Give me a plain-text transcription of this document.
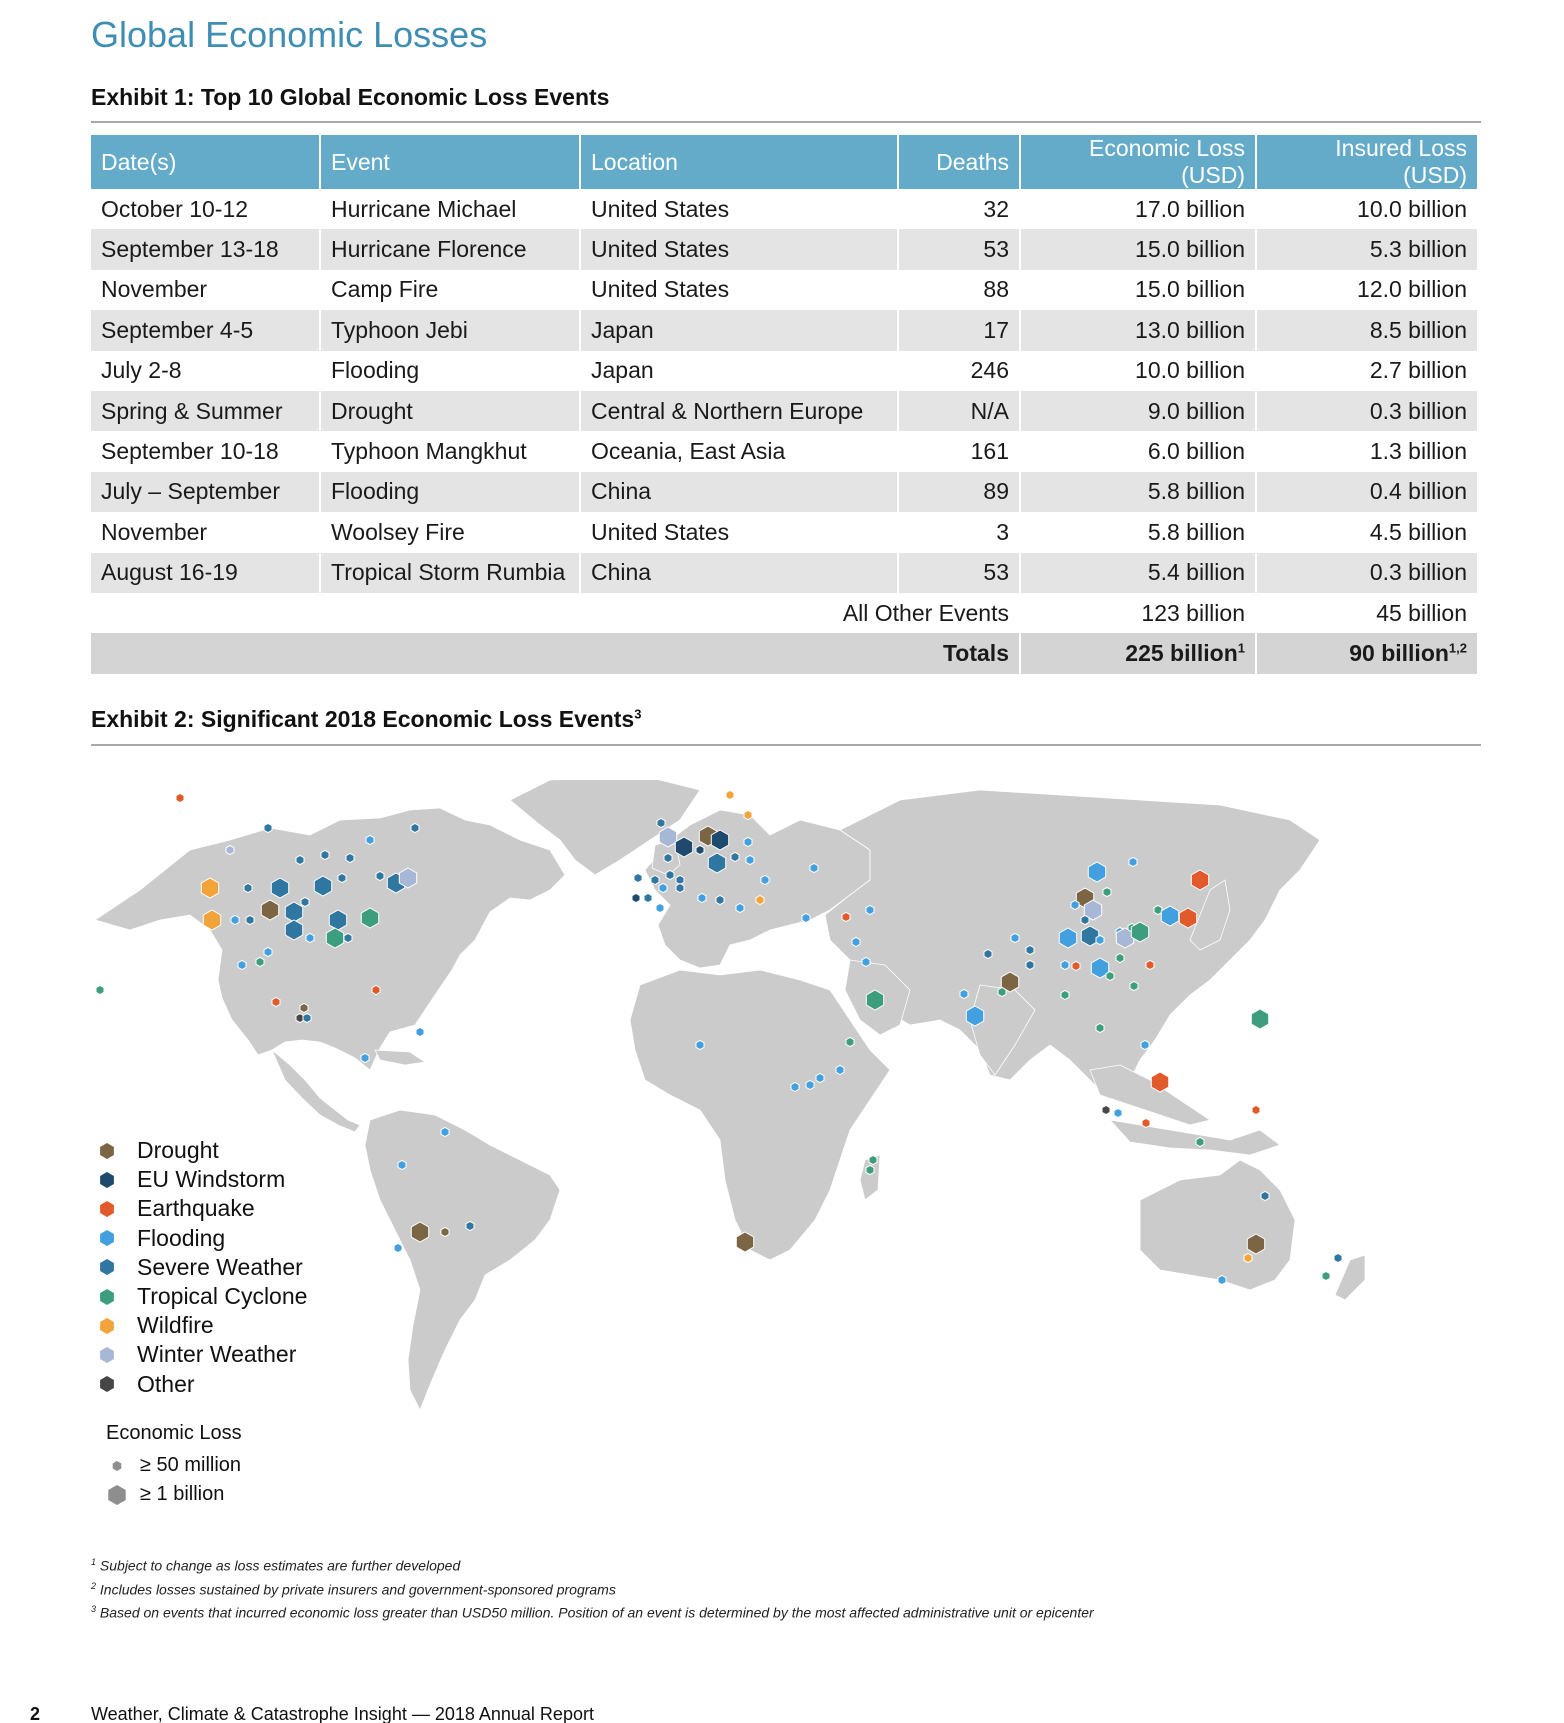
Global Economic Losses
Exhibit 1: Top 10 Global Economic Loss Events
Date(s)	Event	Location	Deaths	Economic Loss (USD)	Insured Loss (USD)
October 10-12	Hurricane Michael	United States	32	17.0 billion	10.0 billion
September 13-18	Hurricane Florence	United States	53	15.0 billion	5.3 billion
November	Camp Fire	United States	88	15.0 billion	12.0 billion
September 4-5	Typhoon Jebi	Japan	17	13.0 billion	8.5 billion
July 2-8	Flooding	Japan	246	10.0 billion	2.7 billion
Spring & Summer	Drought	Central & Northern Europe	N/A	9.0 billion	0.3 billion
September 10-18	Typhoon Mangkhut	Oceania, East Asia	161	6.0 billion	1.3 billion
July – September	Flooding	China	89	5.8 billion	0.4 billion
November	Woolsey Fire	United States	3	5.8 billion	4.5 billion
August 16-19	Tropical Storm Rumbia	China	53	5.4 billion	0.3 billion
All Other Events				123 billion	45 billion
Totals				225 billion$^1$	90 billion$^{1,2}$
Exhibit 2: Significant 2018 Economic Loss Events$^3$
Drought
EU Windstorm
Earthquake
Flooding
Severe Weather
Tropical Cyclone
Wildfire
Winter Weather
Other
Economic Loss
≥ 50 million
≥ 1 billion
$^1$ Subject to change as loss estimates are further developed
$^2$ Includes losses sustained by private insurers and government-sponsored programs
$^3$ Based on events that incurred economic loss greater than USD50 million. Position of an event is determined by the most affected administrative unit or epicenter
2	Weather, Climate & Catastrophe Insight — 2018 Annual Report
